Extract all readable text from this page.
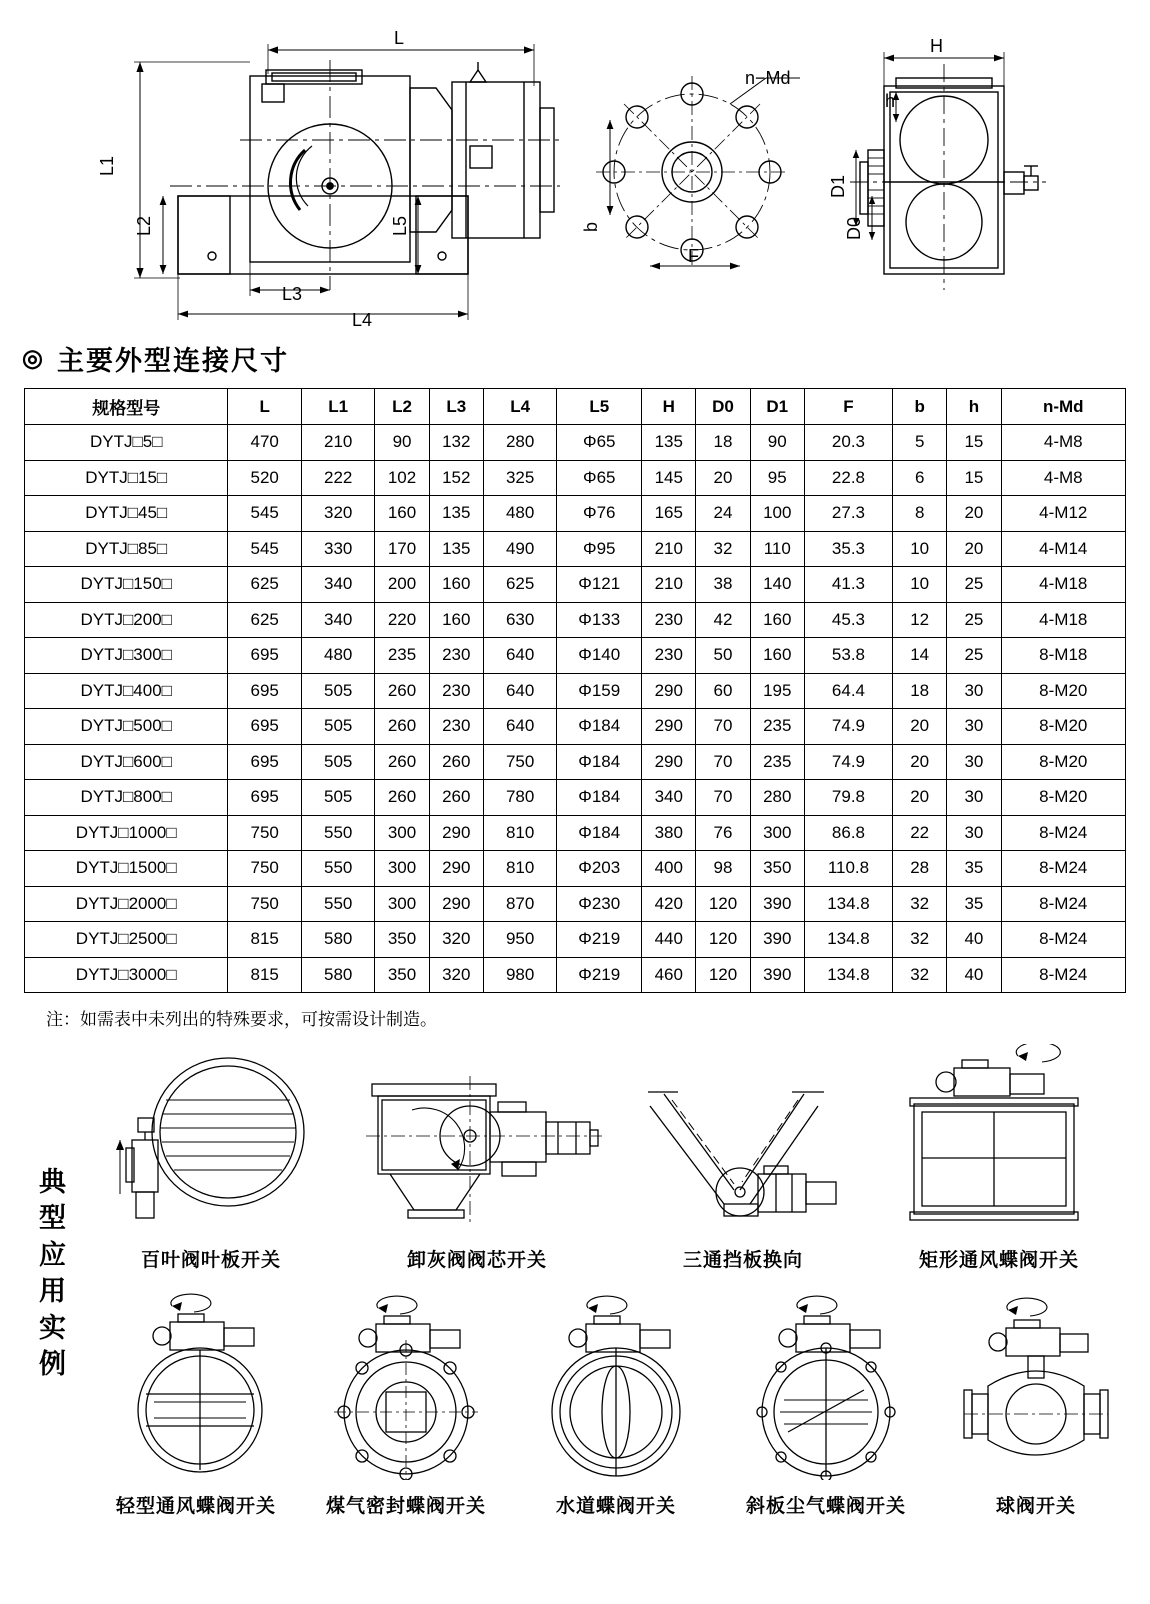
L
L1
L2
L3
L4
L5	b
F
n−Md
H
h
D1
D0
◎ 主要外型连接尺寸
规格型号	L	L1	L2	L3	L4	L5	H	D0	D1	F	b	h	n-Md
DYTJ□5□	470	210	90	132	280	Φ65	135	18	90	20.3	5	15	4-M8
DYTJ□15□	520	222	102	152	325	Φ65	145	20	95	22.8	6	15	4-M8
DYTJ□45□	545	320	160	135	480	Φ76	165	24	100	27.3	8	20	4-M12
DYTJ□85□	545	330	170	135	490	Φ95	210	32	110	35.3	10	20	4-M14
DYTJ□150□	625	340	200	160	625	Φ121	210	38	140	41.3	10	25	4-M18
DYTJ□200□	625	340	220	160	630	Φ133	230	42	160	45.3	12	25	4-M18
DYTJ□300□	695	480	235	230	640	Φ140	230	50	160	53.8	14	25	8-M18
DYTJ□400□	695	505	260	230	640	Φ159	290	60	195	64.4	18	30	8-M20
DYTJ□500□	695	505	260	230	640	Φ184	290	70	235	74.9	20	30	8-M20
DYTJ□600□	695	505	260	260	750	Φ184	290	70	235	74.9	20	30	8-M20
DYTJ□800□	695	505	260	260	780	Φ184	340	70	280	79.8	20	30	8-M20
DYTJ□1000□	750	550	300	290	810	Φ184	380	76	300	86.8	22	30	8-M24
DYTJ□1500□	750	550	300	290	810	Φ203	400	98	350	110.8	28	35	8-M24
DYTJ□2000□	750	550	300	290	870	Φ230	420	120	390	134.8	32	35	8-M24
DYTJ□2500□	815	580	350	320	950	Φ219	440	120	390	134.8	32	40	8-M24
DYTJ□3000□	815	580	350	320	980	Φ219	460	120	390	134.8	32	40	8-M24
注：如需表中未列出的特殊要求，可按需设计制造。
典
型
应
用
实
例
百叶阀叶板开关	卸灰阀阀芯开关	三通挡板换向	矩形通风蝶阀开关
轻型通风蝶阀开关	煤气密封蝶阀开关	水道蝶阀开关	斜板尘气蝶阀开关	球阀开关
